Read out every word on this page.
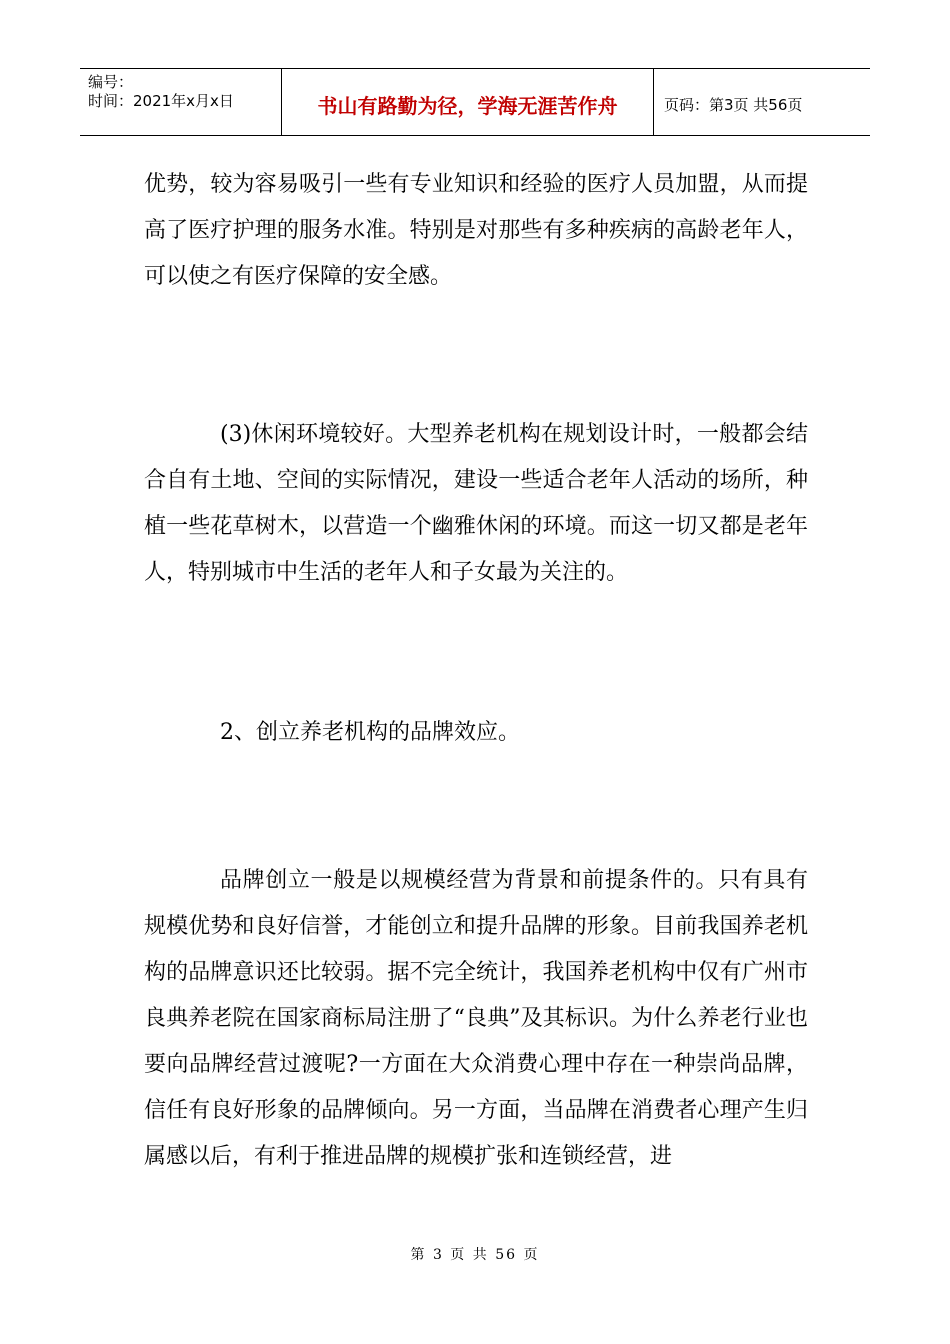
编号：
时间：2021年x月x日	书山有路勤为径，学海无涯苦作舟	页码：第3页 共56页

优势，较为容易吸引一些有专业知识和经验的医疗人员加盟，从而提高了医疗护理的服务水准。特别是对那些有多种疾病的高龄老年人，可以使之有医疗保障的安全感。

(3)休闲环境较好。大型养老机构在规划设计时，一般都会结合自有土地、空间的实际情况，建设一些适合老年人活动的场所，种植一些花草树木，以营造一个幽雅休闲的环境。而这一切又都是老年人，特别城市中生活的老年人和子女最为关注的。

2、创立养老机构的品牌效应。

品牌创立一般是以规模经营为背景和前提条件的。只有具有规模优势和良好信誉，才能创立和提升品牌的形象。目前我国养老机构的品牌意识还比较弱。据不完全统计，我国养老机构中仅有广州市良典养老院在国家商标局注册了“良典”及其标识。为什么养老行业也要向品牌经营过渡呢?一方面在大众消费心理中存在一种崇尚品牌，信任有良好形象的品牌倾向。另一方面，当品牌在消费者心理产生归属感以后，有利于推进品牌的规模扩张和连锁经营，进

第 3 页 共 56 页
